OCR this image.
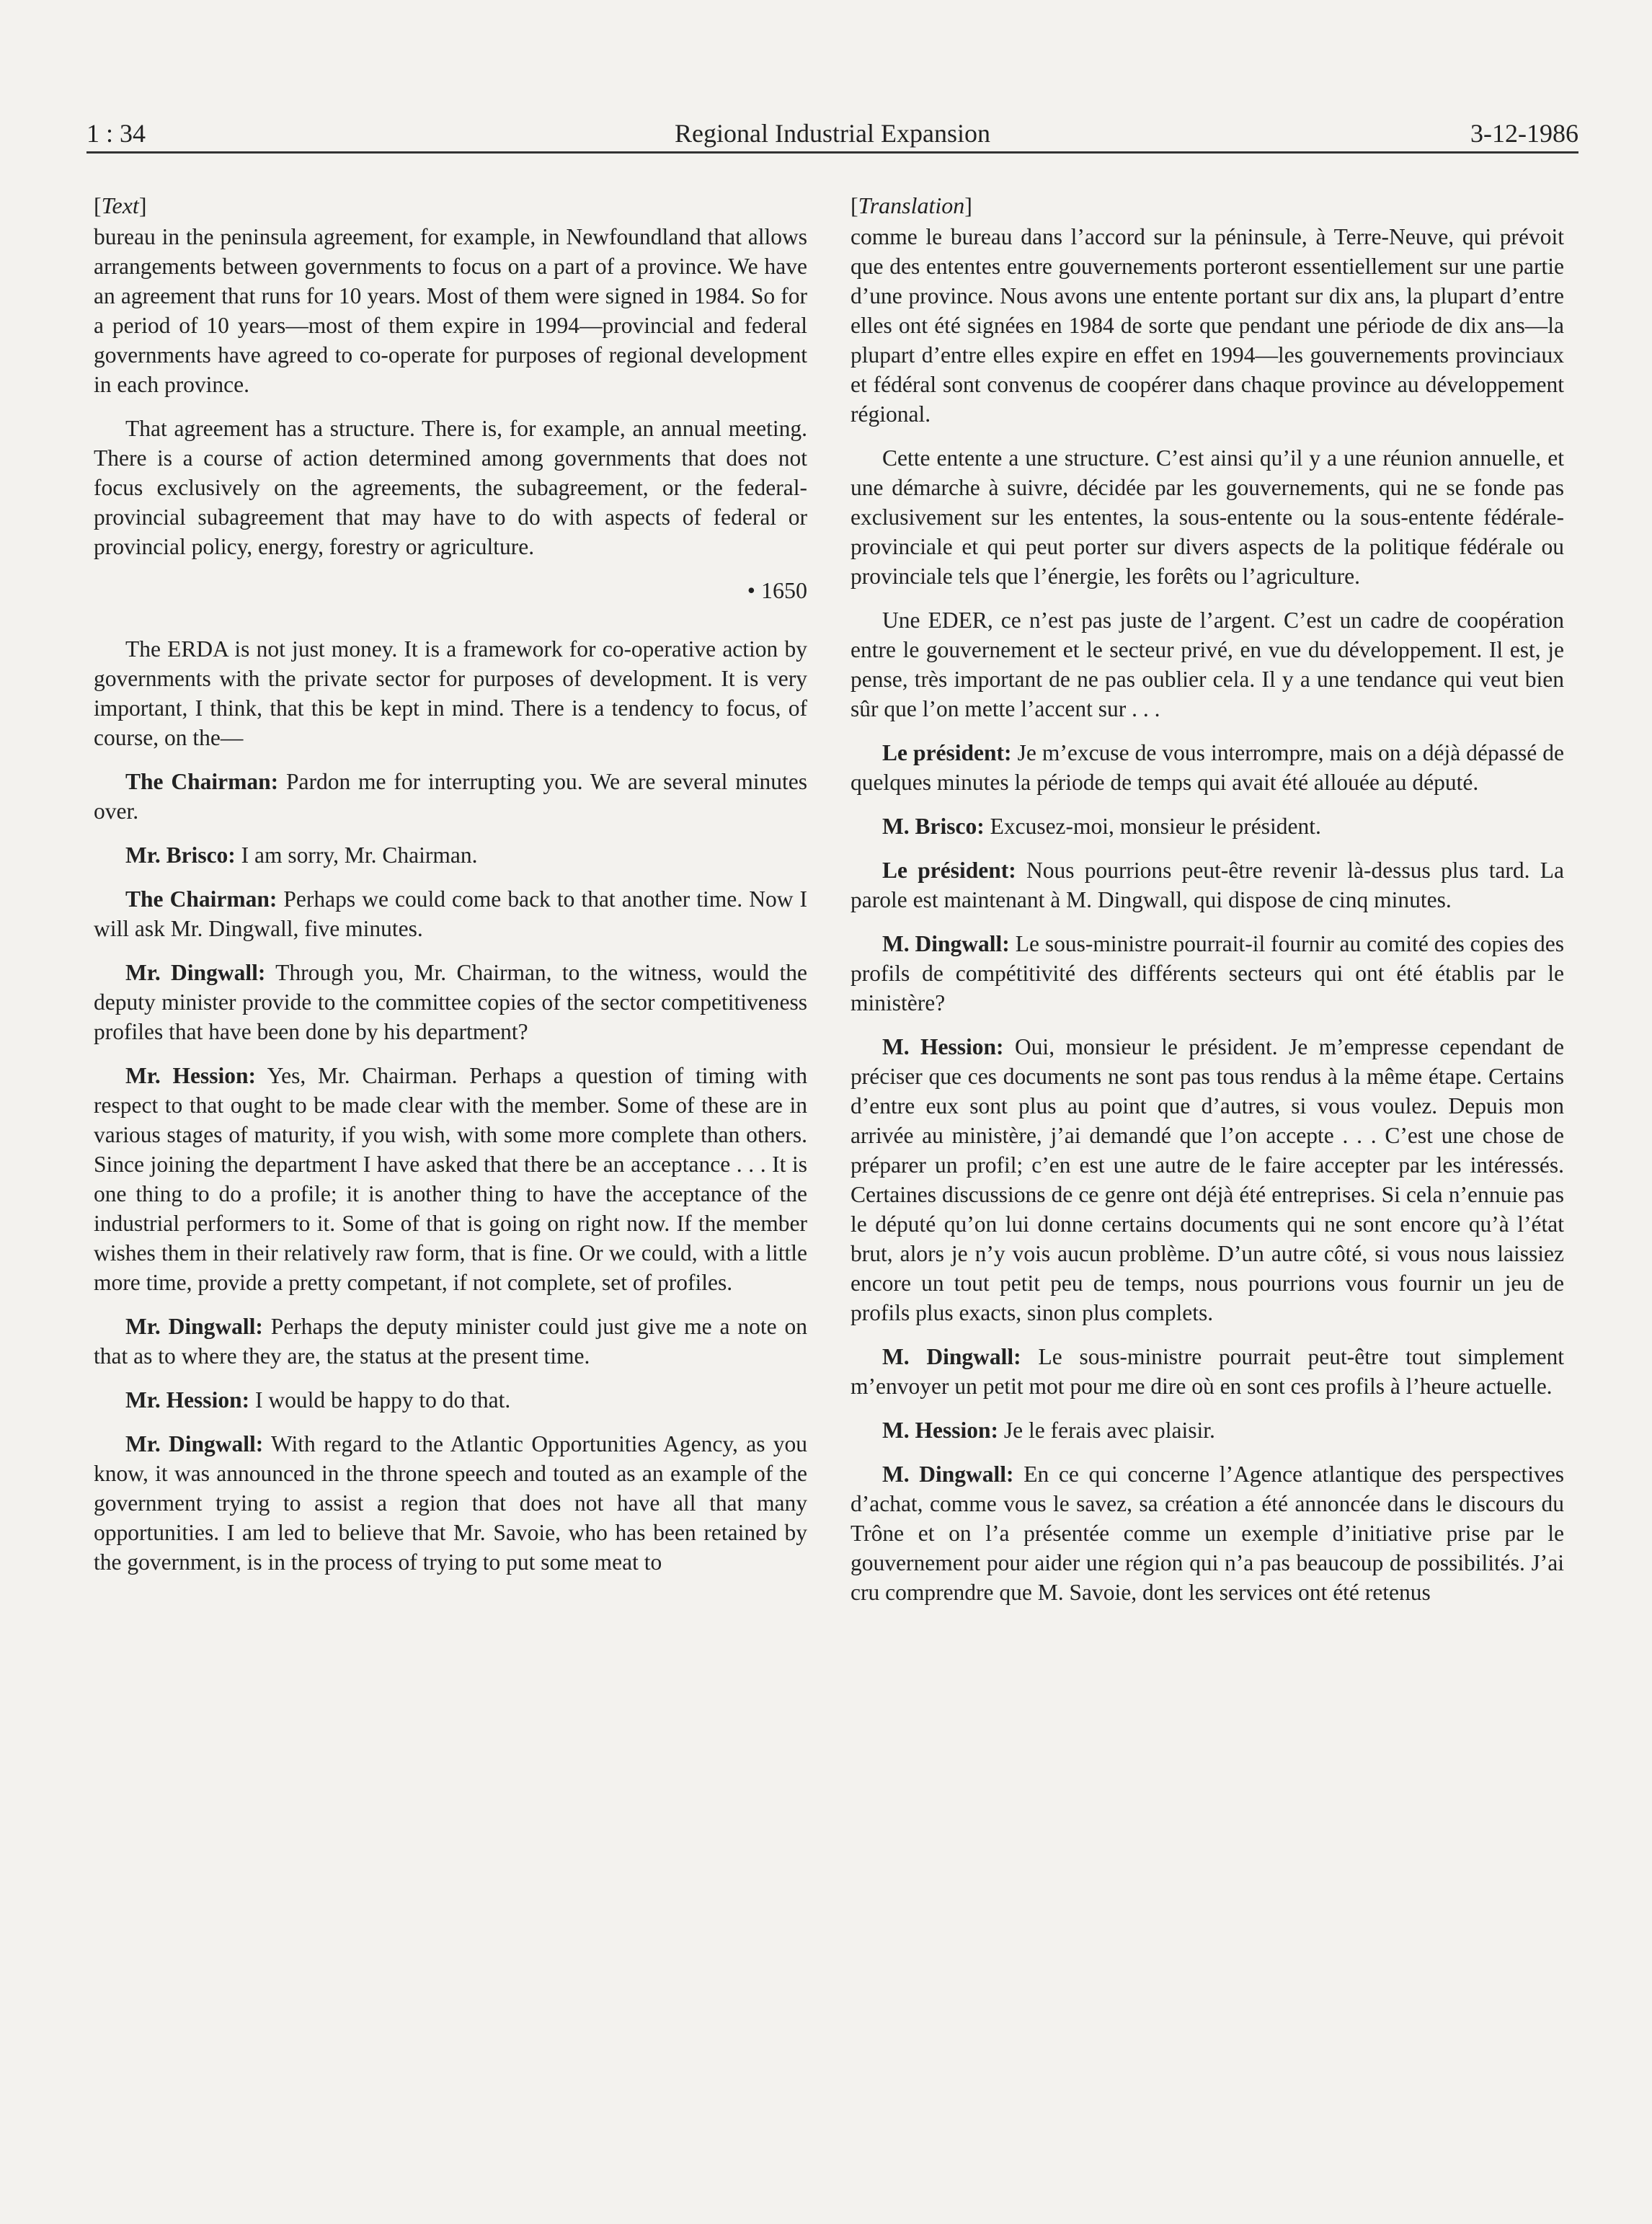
1 : 34	Regional Industrial Expansion	3-12-1986
[Text]

bureau in the peninsula agreement, for example, in Newfoundland that allows arrangements between governments to focus on a part of a province. We have an agreement that runs for 10 years. Most of them were signed in 1984. So for a period of 10 years—most of them expire in 1994—provincial and federal governments have agreed to co-operate for purposes of regional development in each province.

That agreement has a structure. There is, for example, an annual meeting. There is a course of action determined among governments that does not focus exclusively on the agreements, the subagreement, or the federal-provincial subagreement that may have to do with aspects of federal or provincial policy, energy, forestry or agriculture.

• 1650

The ERDA is not just money. It is a framework for co-operative action by governments with the private sector for purposes of development. It is very important, I think, that this be kept in mind. There is a tendency to focus, of course, on the—

The Chairman: Pardon me for interrupting you. We are several minutes over.

Mr. Brisco: I am sorry, Mr. Chairman.

The Chairman: Perhaps we could come back to that another time. Now I will ask Mr. Dingwall, five minutes.

Mr. Dingwall: Through you, Mr. Chairman, to the witness, would the deputy minister provide to the committee copies of the sector competitiveness profiles that have been done by his department?

Mr. Hession: Yes, Mr. Chairman. Perhaps a question of timing with respect to that ought to be made clear with the member. Some of these are in various stages of maturity, if you wish, with some more complete than others. Since joining the department I have asked that there be an acceptance . . . It is one thing to do a profile; it is another thing to have the acceptance of the industrial performers to it. Some of that is going on right now. If the member wishes them in their relatively raw form, that is fine. Or we could, with a little more time, provide a pretty competant, if not complete, set of profiles.

Mr. Dingwall: Perhaps the deputy minister could just give me a note on that as to where they are, the status at the present time.

Mr. Hession: I would be happy to do that.

Mr. Dingwall: With regard to the Atlantic Opportunities Agency, as you know, it was announced in the throne speech and touted as an example of the government trying to assist a region that does not have all that many opportunities. I am led to believe that Mr. Savoie, who has been retained by the government, is in the process of trying to put some meat to

[Translation]

comme le bureau dans l’accord sur la péninsule, à Terre-Neuve, qui prévoit que des ententes entre gouvernements porteront essentiellement sur une partie d’une province. Nous avons une entente portant sur dix ans, la plupart d’entre elles ont été signées en 1984 de sorte que pendant une période de dix ans—la plupart d’entre elles expire en effet en 1994—les gouvernements provinciaux et fédéral sont convenus de coopérer dans chaque province au développement régional.

Cette entente a une structure. C’est ainsi qu’il y a une réunion annuelle, et une démarche à suivre, décidée par les gouvernements, qui ne se fonde pas exclusivement sur les ententes, la sous-entente ou la sous-entente fédérale-provinciale et qui peut porter sur divers aspects de la politique fédérale ou provinciale tels que l’énergie, les forêts ou l’agriculture.

Une EDER, ce n’est pas juste de l’argent. C’est un cadre de coopération entre le gouvernement et le secteur privé, en vue du développement. Il est, je pense, très important de ne pas oublier cela. Il y a une tendance qui veut bien sûr que l’on mette l’accent sur . . .

Le président: Je m’excuse de vous interrompre, mais on a déjà dépassé de quelques minutes la période de temps qui avait été allouée au député.

M. Brisco: Excusez-moi, monsieur le président.

Le président: Nous pourrions peut-être revenir là-dessus plus tard. La parole est maintenant à M. Dingwall, qui dispose de cinq minutes.

M. Dingwall: Le sous-ministre pourrait-il fournir au comité des copies des profils de compétitivité des différents secteurs qui ont été établis par le ministère?

M. Hession: Oui, monsieur le président. Je m’empresse cependant de préciser que ces documents ne sont pas tous rendus à la même étape. Certains d’entre eux sont plus au point que d’autres, si vous voulez. Depuis mon arrivée au ministère, j’ai demandé que l’on accepte . . . C’est une chose de préparer un profil; c’en est une autre de le faire accepter par les intéressés. Certaines discussions de ce genre ont déjà été entreprises. Si cela n’ennuie pas le député qu’on lui donne certains documents qui ne sont encore qu’à l’état brut, alors je n’y vois aucun problème. D’un autre côté, si vous nous laissiez encore un tout petit peu de temps, nous pourrions vous fournir un jeu de profils plus exacts, sinon plus complets.

M. Dingwall: Le sous-ministre pourrait peut-être tout simplement m’envoyer un petit mot pour me dire où en sont ces profils à l’heure actuelle.

M. Hession: Je le ferais avec plaisir.

M. Dingwall: En ce qui concerne l’Agence atlantique des perspectives d’achat, comme vous le savez, sa création a été annoncée dans le discours du Trône et on l’a présentée comme un exemple d’initiative prise par le gouvernement pour aider une région qui n’a pas beaucoup de possibilités. J’ai cru comprendre que M. Savoie, dont les services ont été retenus
